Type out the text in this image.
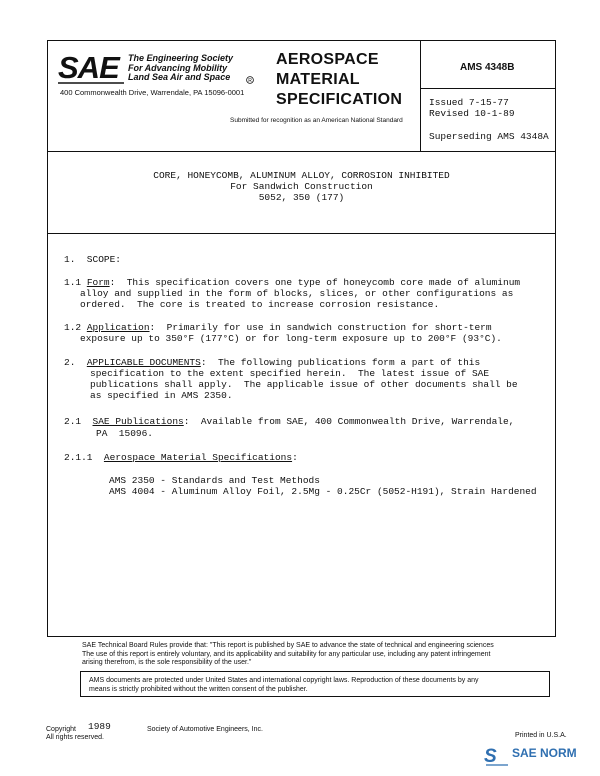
SAE The Engineering Society
For Advancing Mobility
Land Sea Air and Space	R
400 Commonwealth Drive, Warrendale, PA 15096-0001
AEROSPACE
MATERIAL
SPECIFICATION
Submitted for recognition as an American National Standard
AMS 4348B
Issued 7-15-77
Revised 10-1-89
Superseding AMS 4348A
CORE, HONEYCOMB, ALUMINUM ALLOY, CORROSION INHIBITED
For Sandwich Construction
5052, 350 (177)
1.  SCOPE:
1.1 Form:  This specification covers one type of honeycomb core made of aluminum
alloy and supplied in the form of blocks, slices, or other configurations as
ordered.  The core is treated to increase corrosion resistance.
1.2 Application:  Primarily for use in sandwich construction for short-term
exposure up to 350°F (177°C) or for long-term exposure up to 200°F (93°C).
2.  APPLICABLE DOCUMENTS:  The following publications form a part of this
specification to the extent specified herein.  The latest issue of SAE
publications shall apply.  The applicable issue of other documents shall be
as specified in AMS 2350.
2.1  SAE Publications:  Available from SAE, 400 Commonwealth Drive, Warrendale,
PA  15096.
2.1.1  Aerospace Material Specifications:
AMS 2350 - Standards and Test Methods
AMS 4004 - Aluminum Alloy Foil, 2.5Mg - 0.25Cr (5052-H191), Strain Hardened
SAE Technical Board Rules provide that: "This report is published by SAE to advance the state of technical and engineering sciences
The use of this report is entirely voluntary, and its applicability and suitability for any particular use, including any patent infringement
arising therefrom, is the sole responsibility of the user."
AMS documents are protected under United States and international copyright laws. Reproduction of these documents by any
means is strictly prohibited without the written consent of the publisher.
Copyright 1989
All rights reserved.
Society of Automotive Engineers, Inc.
Printed in U.S.A.
S SAE NORM
